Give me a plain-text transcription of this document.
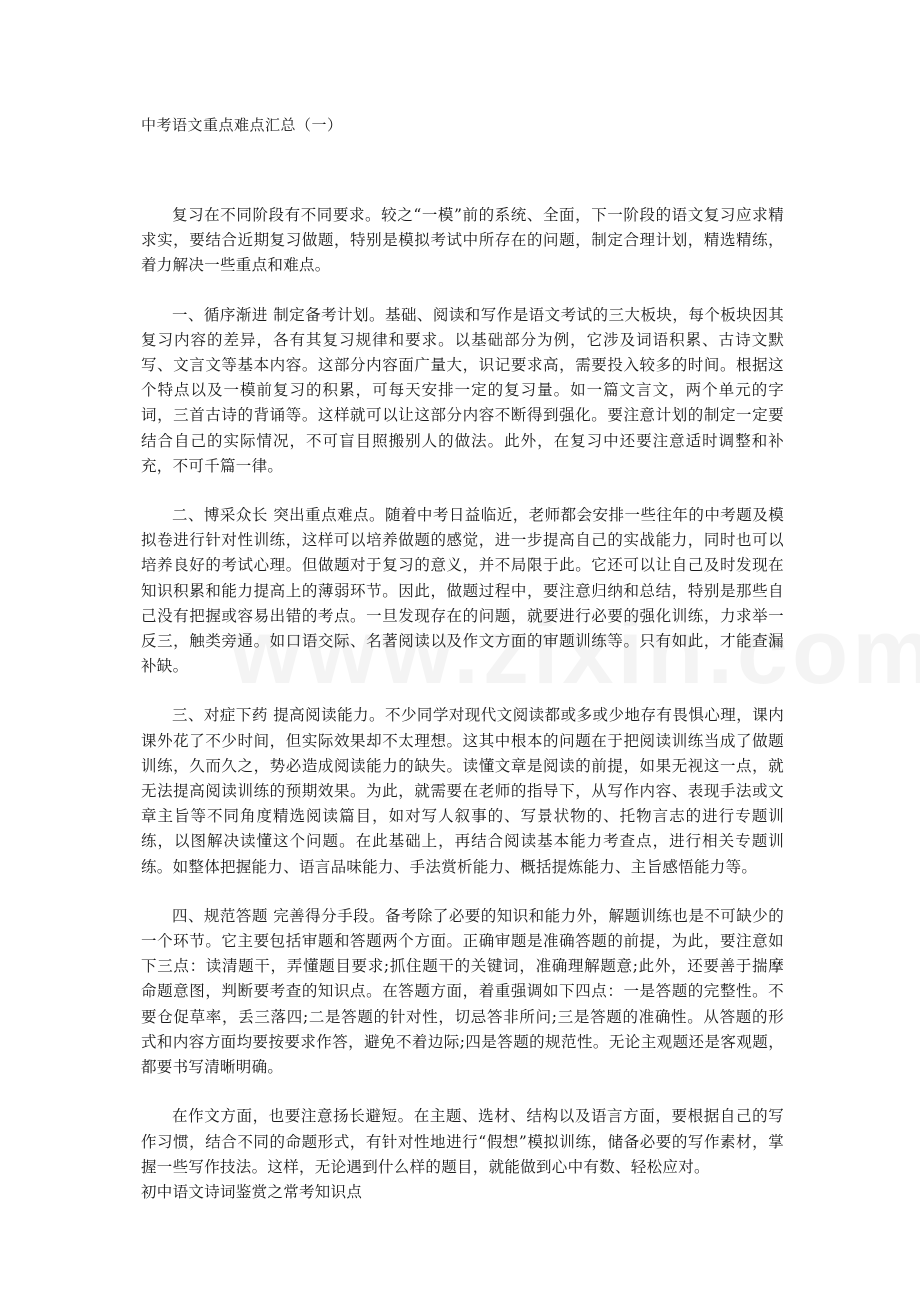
中考语文重点难点汇总（一）

复习在不同阶段有不同要求。较之“一模”前的系统、全面，下一阶段的语文复习应求精求实，要结合近期复习做题，特别是模拟考试中所存在的问题，制定合理计划，精选精练，着力解决一些重点和难点。

一、循序渐进 制定备考计划。基础、阅读和写作是语文考试的三大板块，每个板块因其复习内容的差异，各有其复习规律和要求。以基础部分为例，它涉及词语积累、古诗文默写、文言文等基本内容。这部分内容面广量大，识记要求高，需要投入较多的时间。根据这个特点以及一模前复习的积累，可每天安排一定的复习量。如一篇文言文，两个单元的字词，三首古诗的背诵等。这样就可以让这部分内容不断得到强化。要注意计划的制定一定要结合自己的实际情况，不可盲目照搬别人的做法。此外，在复习中还要注意适时调整和补充，不可千篇一律。

二、博采众长 突出重点难点。随着中考日益临近，老师都会安排一些往年的中考题及模拟卷进行针对性训练，这样可以培养做题的感觉，进一步提高自己的实战能力，同时也可以培养良好的考试心理。但做题对于复习的意义，并不局限于此。它还可以让自己及时发现在知识积累和能力提高上的薄弱环节。因此，做题过程中，要注意归纳和总结，特别是那些自己没有把握或容易出错的考点。一旦发现存在的问题，就要进行必要的强化训练，力求举一反三，触类旁通。如口语交际、名著阅读以及作文方面的审题训练等。只有如此，才能查漏补缺。

三、对症下药 提高阅读能力。不少同学对现代文阅读都或多或少地存有畏惧心理，课内课外花了不少时间，但实际效果却不太理想。这其中根本的问题在于把阅读训练当成了做题训练，久而久之，势必造成阅读能力的缺失。读懂文章是阅读的前提，如果无视这一点，就无法提高阅读训练的预期效果。为此，就需要在老师的指导下，从写作内容、表现手法或文章主旨等不同角度精选阅读篇目，如对写人叙事的、写景状物的、托物言志的进行专题训练，以图解决读懂这个问题。在此基础上，再结合阅读基本能力考查点，进行相关专题训练。如整体把握能力、语言品味能力、手法赏析能力、概括提炼能力、主旨感悟能力等。

四、规范答题 完善得分手段。备考除了必要的知识和能力外，解题训练也是不可缺少的一个环节。它主要包括审题和答题两个方面。正确审题是准确答题的前提，为此，要注意如下三点：读清题干，弄懂题目要求;抓住题干的关键词，准确理解题意;此外，还要善于揣摩命题意图，判断要考查的知识点。在答题方面，着重强调如下四点：一是答题的完整性。不要仓促草率，丢三落四;二是答题的针对性，切忌答非所问;三是答题的准确性。从答题的形式和内容方面均要按要求作答，避免不着边际;四是答题的规范性。无论主观题还是客观题，都要书写清晰明确。

在作文方面，也要注意扬长避短。在主题、选材、结构以及语言方面，要根据自己的写作习惯，结合不同的命题形式，有针对性地进行“假想”模拟训练，储备必要的写作素材，掌握一些写作技法。这样，无论遇到什么样的题目，就能做到心中有数、轻松应对。

初中语文诗词鉴赏之常考知识点
